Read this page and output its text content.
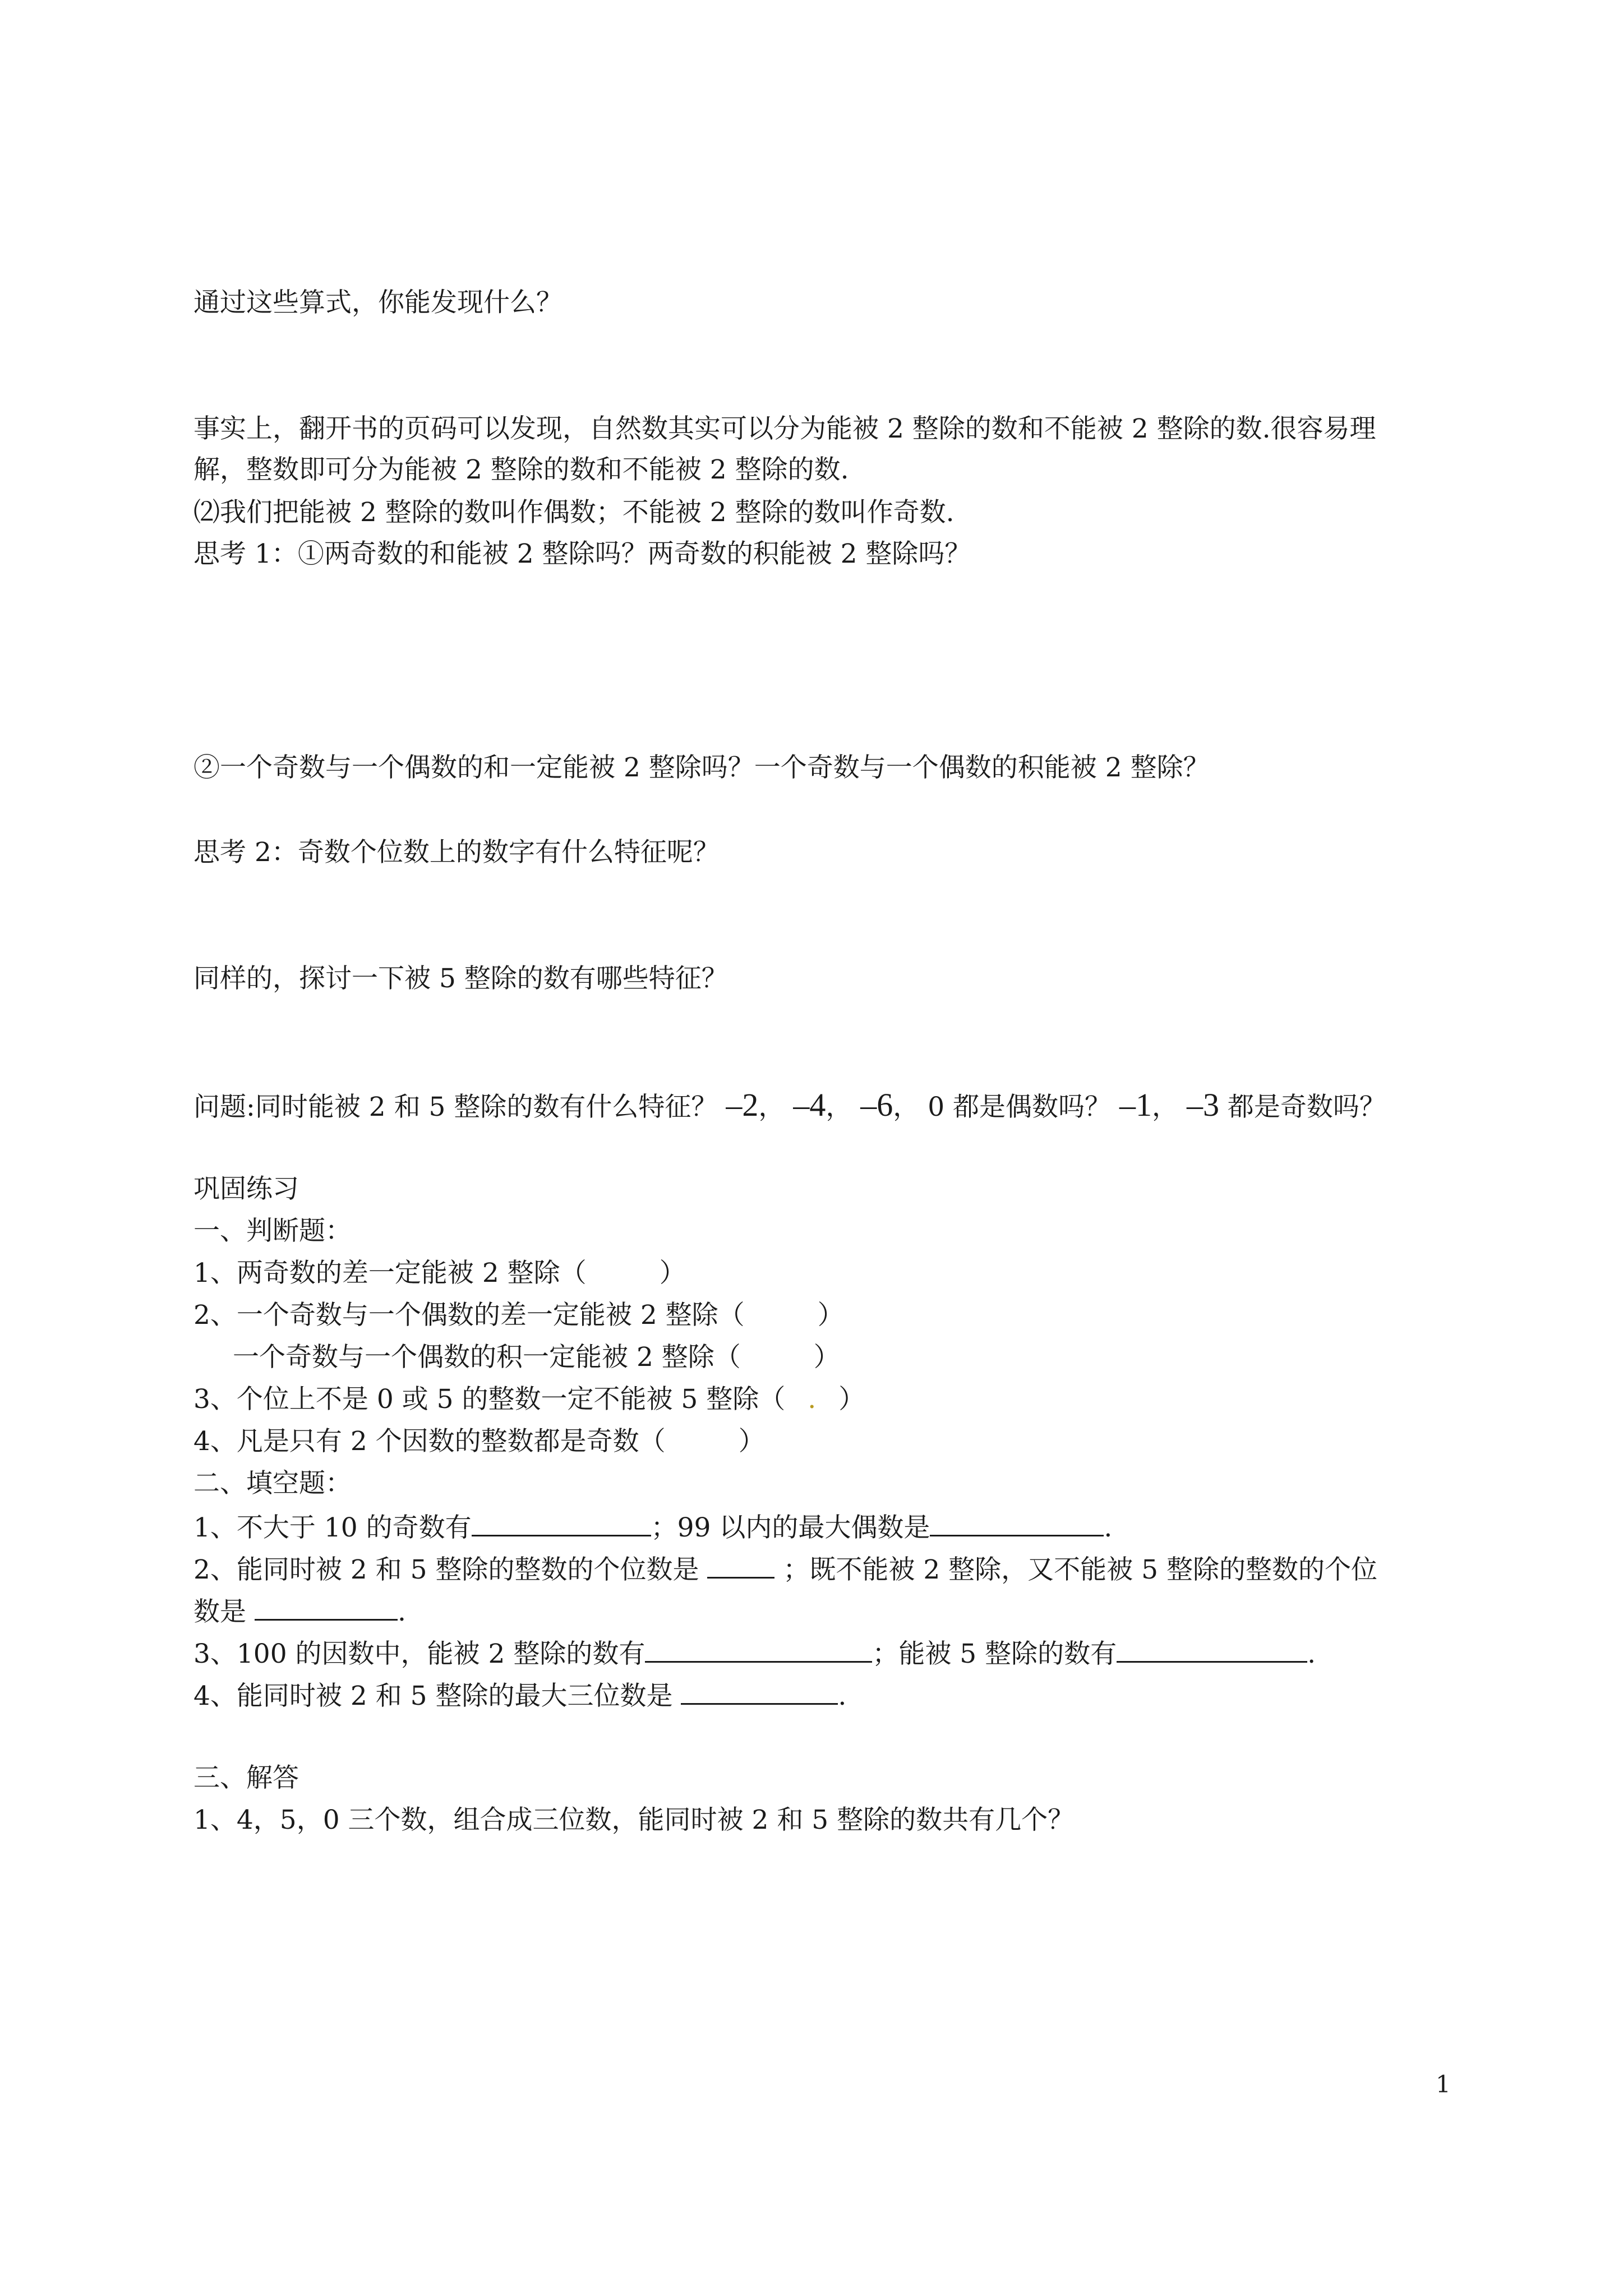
通过这些算式，你能发现什么？
事实上，翻开书的页码可以发现，自然数其实可以分为能被 2 整除的数和不能被 2 整除的数.很容易理
解，整数即可分为能被 2 整除的数和不能被 2 整除的数.
⑵我们把能被 2 整除的数叫作偶数；不能被 2 整除的数叫作奇数.
思考 1：①两奇数的和能被 2 整除吗？两奇数的积能被 2 整除吗？
②一个奇数与一个偶数的和一定能被 2 整除吗？一个奇数与一个偶数的积能被 2 整除？
思考 2：奇数个位数上的数字有什么特征呢？
同样的，探讨一下被 5 整除的数有哪些特征？
问题:同时能被 2 和 5 整除的数有什么特征？ –2， –4， –6， 0 都是偶数吗？ –1， –3 都是奇数吗？
巩固练习
一、判断题：
1、两奇数的差一定能被 2 整除（	）
2、一个奇数与一个偶数的差一定能被 2 整除（	）
一个奇数与一个偶数的积一定能被 2 整除（	）
3、个位上不是 0 或 5 的整数一定不能被 5 整除（ . ）
4、凡是只有 2 个因数的整数都是奇数（	）
二、填空题：
1、不大于 10 的奇数有	；99 以内的最大偶数是	.
2、能同时被 2 和 5 整除的整数的个位数是	；既不能被 2 整除，又不能被 5 整除的整数的个位
数是	.
3、100 的因数中，能被 2 整除的数有	；能被 5 整除的数有	.
4、能同时被 2 和 5 整除的最大三位数是	.
三、解答
1、4，5，0 三个数，组合成三位数，能同时被 2 和 5 整除的数共有几个？
1
